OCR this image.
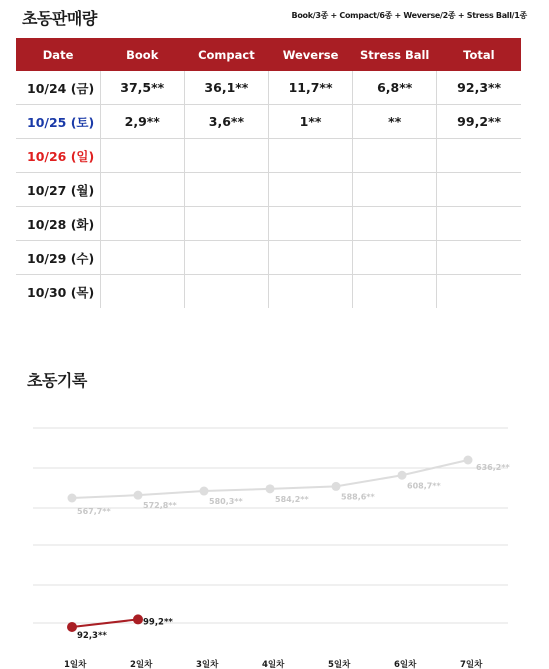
초동판매량	Book/3종 + Compact/6종 + Weverse/2종 + Stress Ball/1종
Date	Book	Compact	Weverse	Stress Ball	Total
10/24 (금)	37,5**	36,1**	11,7**	6,8**	92,3**
10/25 (토)	2,9**	3,6**	1**	**	99,2**
10/26 (일)					
10/27 (월)					
10/28 (화)					
10/29 (수)					
10/30 (목)					
초동기록
567,7**
572,8**	580,3**	584,2**	588,6**
608,7**
636,2**
92,3**
99,2**
1일차	2일차	3일차	4일차	5일차	6일차	7일차
